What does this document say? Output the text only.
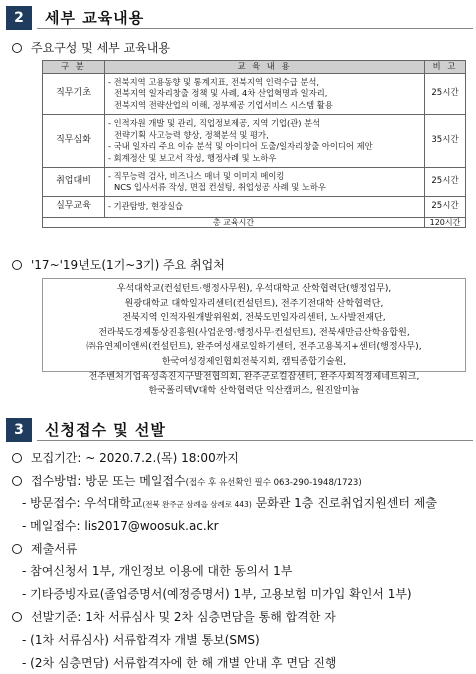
2	세부 교육내용
주요구성 및 세부 교육내용
구 분	교 육 내 용	비 고
직무기초	- 전북지역 고용동향 및 통계지표, 전북지역 인력수급 분석,
전북지역 일자리창출 정책 및 사례, 4차 산업혁명과 일자리,
전북지역 전략산업의 이해, 정부제공 기업서비스 시스템 활용	25시간
직무심화	- 인적자원 개발 및 관리, 직업정보제공, 지역 기업(관) 분석
전략기획 사고능력 향상, 정책분석 및 평가,
- 국내 일자리 주요 이슈 분석 및 아이디어 도출/일자리창출 아이디어 제안
- 회계정산 및 보고서 작성, 행정사례 및 노하우	35시간
취업대비	- 직무능력 검사, 비즈니스 매너 및 이미지 메이킹
NCS 입사서류 작성, 면접 컨설팅, 취업성공 사례 및 노하우	25시간
실무교육	- 기관탐방, 현장실습	25시간
총 교육시간		120시간
'17~'19년도(1기~3기) 주요 취업처
우석대학교(컨설턴트·행정사무원), 우석대학교 산학협력단(행정업무),
원광대학교 대학일자리센터(컨설턴트), 전주기전대학 산학협력단,
전북지역 인적자원개발위원회, 전북도민일자리센터, 노사발전재단,
전라북도경제통상진흥원(사업운영·행정사무·컨설턴트), 전북새만금산학융합원,
㈜유연제이앤씨(컨설턴트), 완주여성새로일하기센터, 전주고용복지+센터(행정사무),
한국여성경제인협회전북지회, 캠틱종합기술원,
전주벤처기업육성촉진지구발전협의회, 완주군로컬잡센터, 완주사회적경제네트워크,
한국폴리텍V대학 산학협력단 익산캠퍼스, 원진알미늄
3	신청접수 및 선발
모집기간: ~ 2020.7.2.(목) 18:00까지
접수방법: 방문 또는 메일접수(접수 후 유선확인 필수 063-290-1948/1723)
- 방문접수: 우석대학교(전북 완주군 삼례읍 삼례로 443) 문화관 1층 진로취업지원센터 제출
- 메일접수: lis2017@woosuk.ac.kr
제출서류
- 참여신청서 1부, 개인정보 이용에 대한 동의서 1부
- 기타증빙자료(졸업증명서(예정증명서) 1부, 고용보험 미가입 확인서 1부)
선발기준: 1차 서류심사 및 2차 심층면담을 통해 합격한 자
- (1차 서류심사) 서류합격자 개별 통보(SMS)
- (2차 심층면담) 서류합격자에 한 해 개별 안내 후 면담 진행
